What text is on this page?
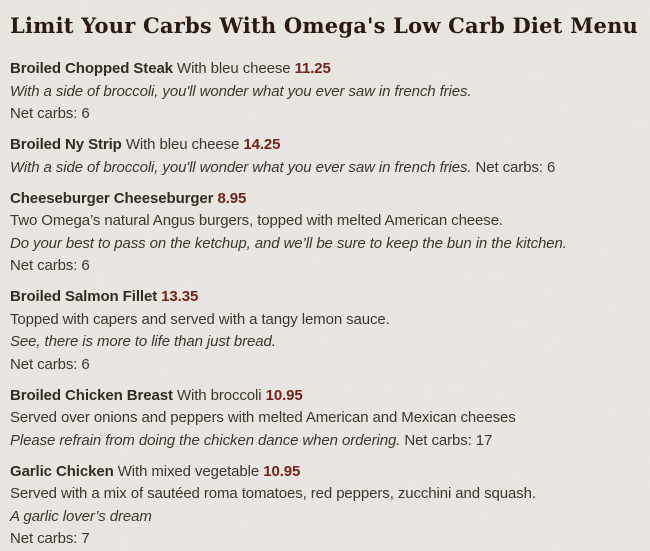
Limit Your Carbs With Omega's Low Carb Diet Menu
Broiled Chopped Steak With bleu cheese 11.25
With a side of broccoli, you'll wonder what you ever saw in french fries.
Net carbs: 6
Broiled Ny Strip With bleu cheese 14.25
With a side of broccoli, you'll wonder what you ever saw in french fries. Net carbs: 6
Cheeseburger Cheeseburger 8.95
Two Omega’s natural Angus burgers, topped with melted American cheese.
Do your best to pass on the ketchup, and we’ll be sure to keep the bun in the kitchen.
Net carbs: 6
Broiled Salmon Fillet 13.35
Topped with capers and served with a tangy lemon sauce.
See, there is more to life than just bread.
Net carbs: 6
Broiled Chicken Breast With broccoli 10.95
Served over onions and peppers with melted American and Mexican cheeses
Please refrain from doing the chicken dance when ordering. Net carbs: 17
Garlic Chicken With mixed vegetable 10.95
Served with a mix of sautéed roma tomatoes, red peppers, zucchini and squash.
A garlic lover’s dream
Net carbs: 7
